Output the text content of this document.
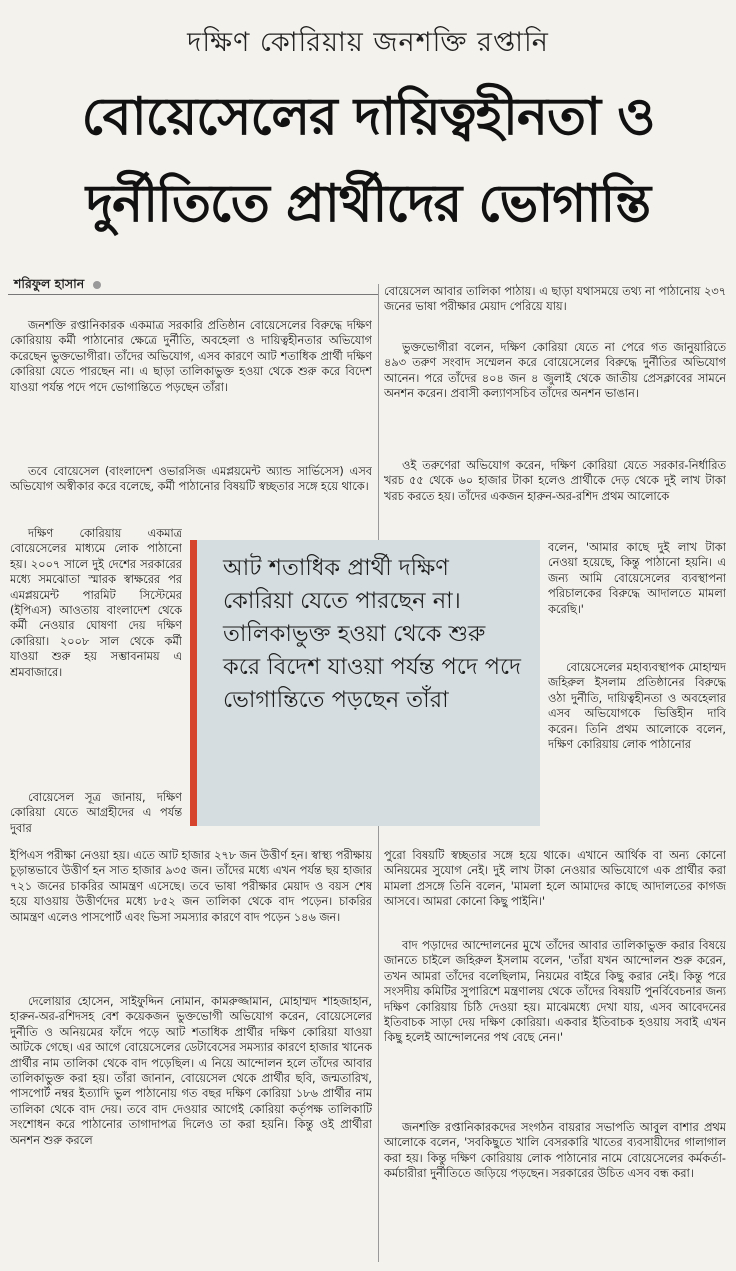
দক্ষিণ কোরিয়ায় জনশক্তি রপ্তানি
বোয়েসেলের দায়িত্বহীনতা ও
দুর্নীতিতে প্রার্থীদের ভোগান্তি
শরিফুল হাসান

জনশক্তি রপ্তানিকারক একমাত্র সরকারি প্রতিষ্ঠান বোয়েসেলের বিরুদ্ধে দক্ষিণ কোরিয়ায় কর্মী পাঠানোর ক্ষেত্রে দুর্নীতি, অবহেলা ও দায়িত্বহীনতার অভিযোগ করেছেন ভুক্তভোগীরা। তাঁদের অভিযোগ, এসব কারণে আট শতাধিক প্রার্থী দক্ষিণ কোরিয়া যেতে পারছেন না। এ ছাড়া তালিকাভুক্ত হওয়া থেকে শুরু করে বিদেশ যাওয়া পর্যন্ত পদে পদে ভোগান্তিতে পড়ছেন তাঁরা।

তবে বোয়েসেল (বাংলাদেশ ওভারসিজ এমপ্লয়মেন্ট অ্যান্ড সার্ভিসেস) এসব অভিযোগ অস্বীকার করে বলেছে, কর্মী পাঠানোর বিষয়টি স্বচ্ছতার সঙ্গে হয়ে থাকে।

দক্ষিণ কোরিয়ায় একমাত্র বোয়েসেলের মাধ্যমে লোক পাঠানো হয়। ২০০৭ সালে দুই দেশের সরকারের মধ্যে সমঝোতা স্মারক স্বাক্ষরের পর এমপ্লয়মেন্ট পারমিট সিস্টেমের (ইপিএস) আওতায় বাংলাদেশ থেকে কর্মী নেওয়ার ঘোষণা দেয় দক্ষিণ কোরিয়া। ২০০৮ সাল থেকে কর্মী যাওয়া শুরু হয় সম্ভাবনাময় এ শ্রমবাজারে।

বোয়েসেল সূত্র জানায়, দক্ষিণ কোরিয়া যেতে আগ্রহীদের এ পর্যন্ত দুবার

ইপিএস পরীক্ষা নেওয়া হয়। এতে আট হাজার ২৭৮ জন উত্তীর্ণ হন। স্বাস্থ্য পরীক্ষায় চূড়ান্তভাবে উত্তীর্ণ হন সাত হাজার ৯৩৫ জন। তাঁদের মধ্যে এখন পর্যন্ত ছয় হাজার ৭২১ জনের চাকরির আমন্ত্রণ এসেছে। তবে ভাষা পরীক্ষার মেয়াদ ও বয়স শেষ হয়ে যাওয়ায় উত্তীর্ণদের মধ্যে ৮৫২ জন তালিকা থেকে বাদ পড়েন। চাকরির আমন্ত্রণ এলেও পাসপোর্ট এবং ভিসা সমস্যার কারণে বাদ পড়েন ১৪৬ জন।

দেলোয়ার হোসেন, সাইফুদ্দিন নোমান, কামরুজ্জামান, মোহাম্মদ শাহজাহান, হারুন-অর-রশিদসহ বেশ কয়েকজন ভুক্তভোগী অভিযোগ করেন, বোয়েসেলের দুর্নীতি ও অনিয়মের ফাঁদে পড়ে আট শতাধিক প্রার্থীর দক্ষিণ কোরিয়া যাওয়া আটকে গেছে। এর আগে বোয়েসেলের ডেটাবেসের সমস্যার কারণে হাজার খানেক প্রার্থীর নাম তালিকা থেকে বাদ পড়েছিল। এ নিয়ে আন্দোলন হলে তাঁদের আবার তালিকাভুক্ত করা হয়। তাঁরা জানান, বোয়েসেল থেকে প্রার্থীর ছবি, জন্মতারিখ, পাসপোর্ট নম্বর ইত্যাদি ভুল পাঠানোয় গত বছর দক্ষিণ কোরিয়া ১৮৬ প্রার্থীর নাম তালিকা থেকে বাদ দেয়। তবে বাদ দেওয়ার আগেই কোরিয়া কর্তৃপক্ষ তালিকাটি সংশোধন করে পাঠানোর তাগাদাপত্র দিলেও তা করা হয়নি। কিন্তু ওই প্রার্থীরা অনশন শুরু করলে

বোয়েসেল আবার তালিকা পাঠায়। এ ছাড়া যথাসময়ে তথ্য না পাঠানোয় ২৩৭ জনের ভাষা পরীক্ষার মেয়াদ পেরিয়ে যায়।

ভুক্তভোগীরা বলেন, দক্ষিণ কোরিয়া যেতে না পেরে গত জানুয়ারিতে ৪৯৩ তরুণ সংবাদ সম্মেলন করে বোয়েসেলের বিরুদ্ধে দুর্নীতির অভিযোগ আনেন। পরে তাঁদের ৪০৪ জন ৪ জুলাই থেকে জাতীয় প্রেসক্লাবের সামনে অনশন করেন। প্রবাসী কল্যাণসচিব তাঁদের অনশন ভাঙান।

ওই তরুণেরা অভিযোগ করেন, দক্ষিণ কোরিয়া যেতে সরকার-নির্ধারিত খরচ ৫৫ থেকে ৬০ হাজার টাকা হলেও প্রার্থীকে দেড় থেকে দুই লাখ টাকা খরচ করতে হয়। তাঁদের একজন হারুন-অর-রশিদ প্রথম আলোকে

বলেন, 'আমার কাছে দুই লাখ টাকা নেওয়া হয়েছে, কিন্তু পাঠানো হয়নি। এ জন্য আমি বোয়েসেলের ব্যবস্থাপনা পরিচালকের বিরুদ্ধে আদালতে মামলা করেছি।'

বোয়েসেলের মহাব্যবস্থাপক মোহাম্মদ জহিরুল ইসলাম প্রতিষ্ঠানের বিরুদ্ধে ওঠা দুর্নীতি, দায়িত্বহীনতা ও অবহেলার এসব অভিযোগকে ভিত্তিহীন দাবি করেন। তিনি প্রথম আলোকে বলেন, দক্ষিণ কোরিয়ায় লোক পাঠানোর

পুরো বিষয়টি স্বচ্ছতার সঙ্গে হয়ে থাকে। এখানে আর্থিক বা অন্য কোনো অনিয়মের সুযোগ নেই। দুই লাখ টাকা নেওয়ার অভিযোগে এক প্রার্থীর করা মামলা প্রসঙ্গে তিনি বলেন, 'মামলা হলে আমাদের কাছে আদালতের কাগজ আসবে। আমরা কোনো কিছু পাইনি।'

বাদ পড়াদের আন্দোলনের মুখে তাঁদের আবার তালিকাভুক্ত করার বিষয়ে জানতে চাইলে জহিরুল ইসলাম বলেন, 'তাঁরা যখন আন্দোলন শুরু করেন, তখন আমরা তাঁদের বলেছিলাম, নিয়মের বাইরে কিছু করার নেই। কিন্তু পরে সংসদীয় কমিটির সুপারিশে মন্ত্রণালয় থেকে তাঁদের বিষয়টি পুনর্বিবেচনার জন্য দক্ষিণ কোরিয়ায় চিঠি দেওয়া হয়। মাঝেমধ্যে দেখা যায়, এসব আবেদনের ইতিবাচক সাড়া দেয় দক্ষিণ কোরিয়া। একবার ইতিবাচক হওয়ায় সবাই এখন কিছু হলেই আন্দোলনের পথ বেছে নেন।'

জনশক্তি রপ্তানিকারকদের সংগঠন বায়রার সভাপতি আবুল বাশার প্রথম আলোকে বলেন, 'সবকিছুতে খালি বেসরকারি খাতের ব্যবসায়ীদের গালাগাল করা হয়। কিন্তু দক্ষিণ কোরিয়ায় লোক পাঠানোর নামে বোয়েসেলের কর্মকর্তা-কর্মচারীরা দুর্নীতিতে জড়িয়ে পড়ছেন। সরকারের উচিত এসব বন্ধ করা।

আট শতাধিক প্রার্থী দক্ষিণ কোরিয়া যেতে পারছেন না। তালিকাভুক্ত হওয়া থেকে শুরু করে বিদেশ যাওয়া পর্যন্ত পদে পদে ভোগান্তিতে পড়ছেন তাঁরা
